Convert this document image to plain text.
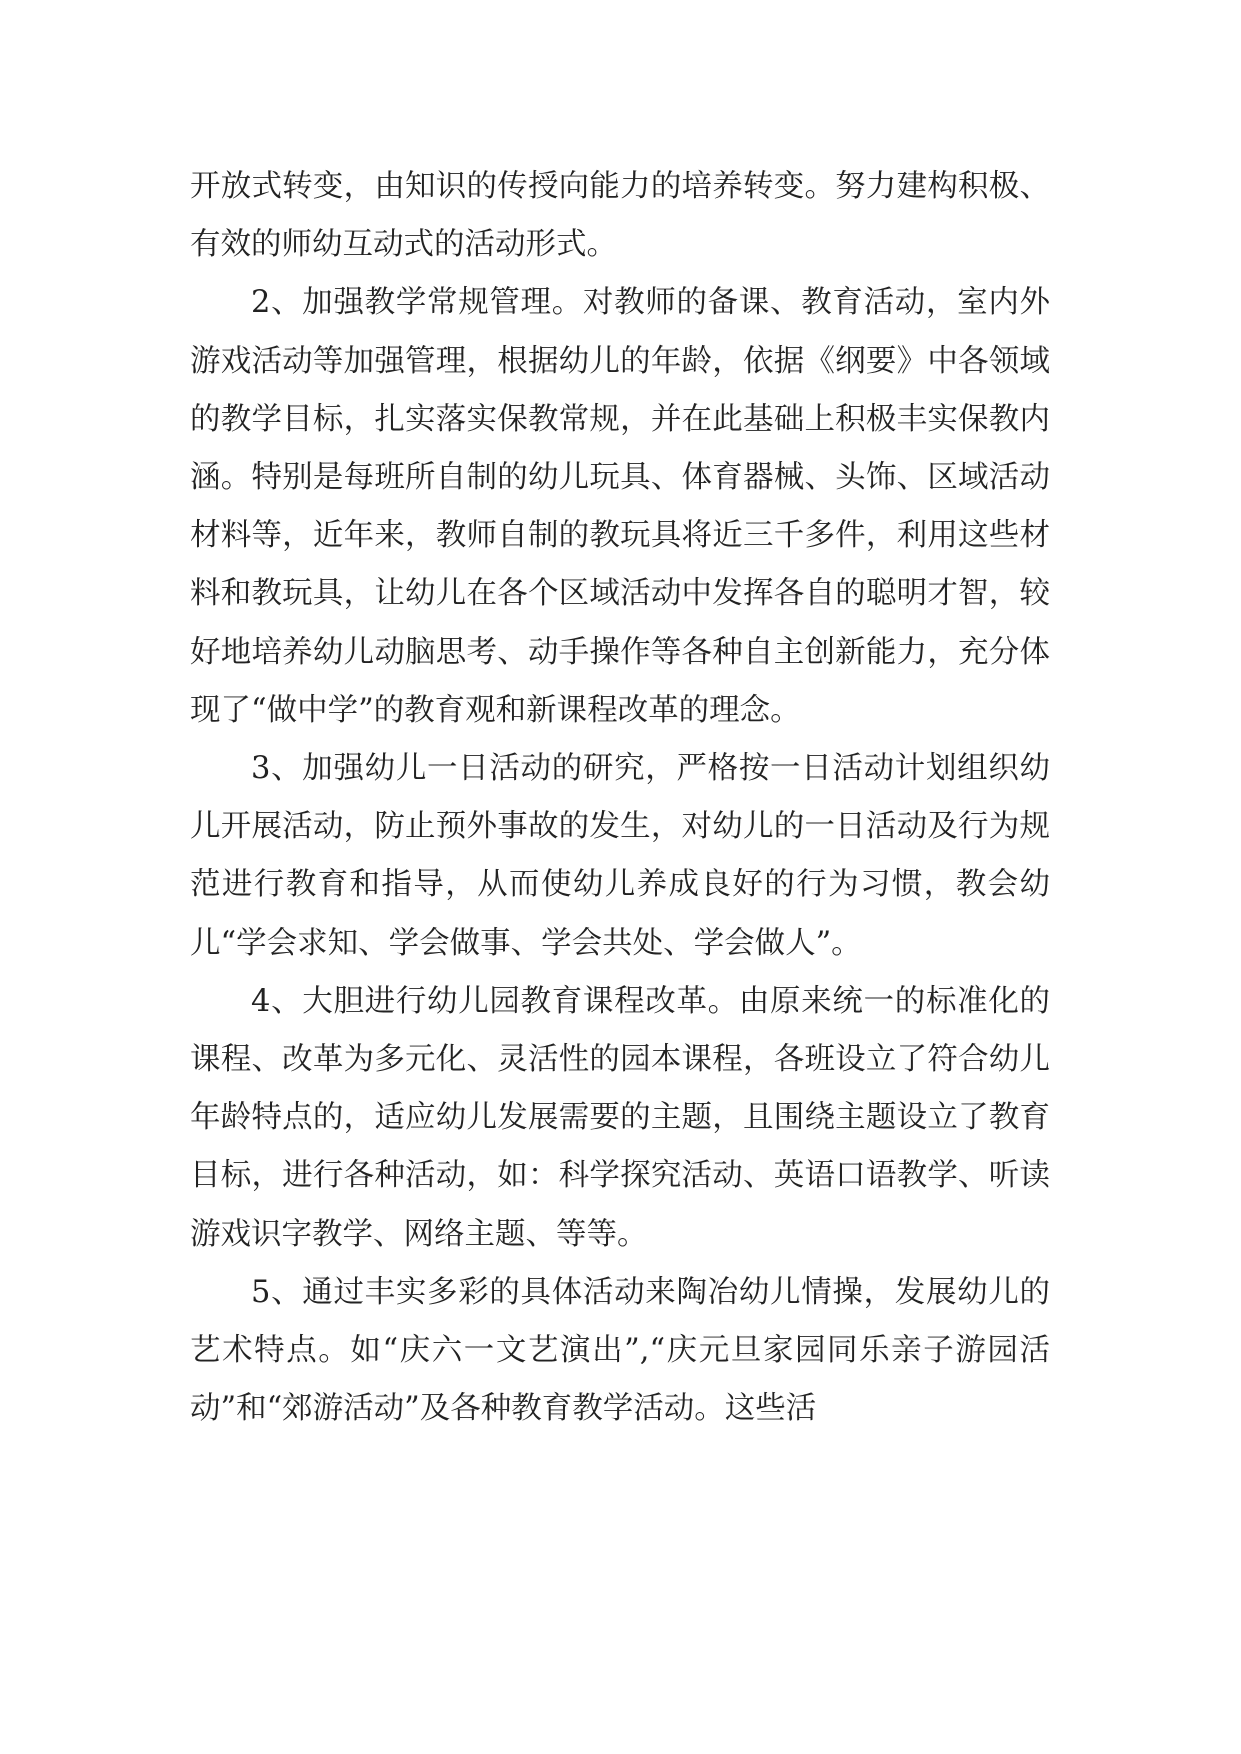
开放式转变，由知识的传授向能力的培养转变。努力建构积极、有效的师幼互动式的活动形式。

2、加强教学常规管理。对教师的备课、教育活动，室内外游戏活动等加强管理，根据幼儿的年龄，依据《纲要》中各领域的教学目标，扎实落实保教常规，并在此基础上积极丰实保教内涵。特别是每班所自制的幼儿玩具、体育器械、头饰、区域活动材料等，近年来，教师自制的教玩具将近三千多件，利用这些材料和教玩具，让幼儿在各个区域活动中发挥各自的聪明才智，较好地培养幼儿动脑思考、动手操作等各种自主创新能力，充分体现了“做中学”的教育观和新课程改革的理念。

3、加强幼儿一日活动的研究，严格按一日活动计划组织幼儿开展活动，防止预外事故的发生，对幼儿的一日活动及行为规范进行教育和指导，从而使幼儿养成良好的行为习惯，教会幼儿“学会求知、学会做事、学会共处、学会做人”。

4、大胆进行幼儿园教育课程改革。由原来统一的标准化的课程、改革为多元化、灵活性的园本课程，各班设立了符合幼儿年龄特点的，适应幼儿发展需要的主题，且围绕主题设立了教育目标，进行各种活动，如：科学探究活动、英语口语教学、听读游戏识字教学、网络主题、等等。

5、通过丰实多彩的具体活动来陶冶幼儿情操，发展幼儿的艺术特点。如“庆六一文艺演出”,“庆元旦家园同乐亲子游园活动”和“郊游活动”及各种教育教学活动。这些活
